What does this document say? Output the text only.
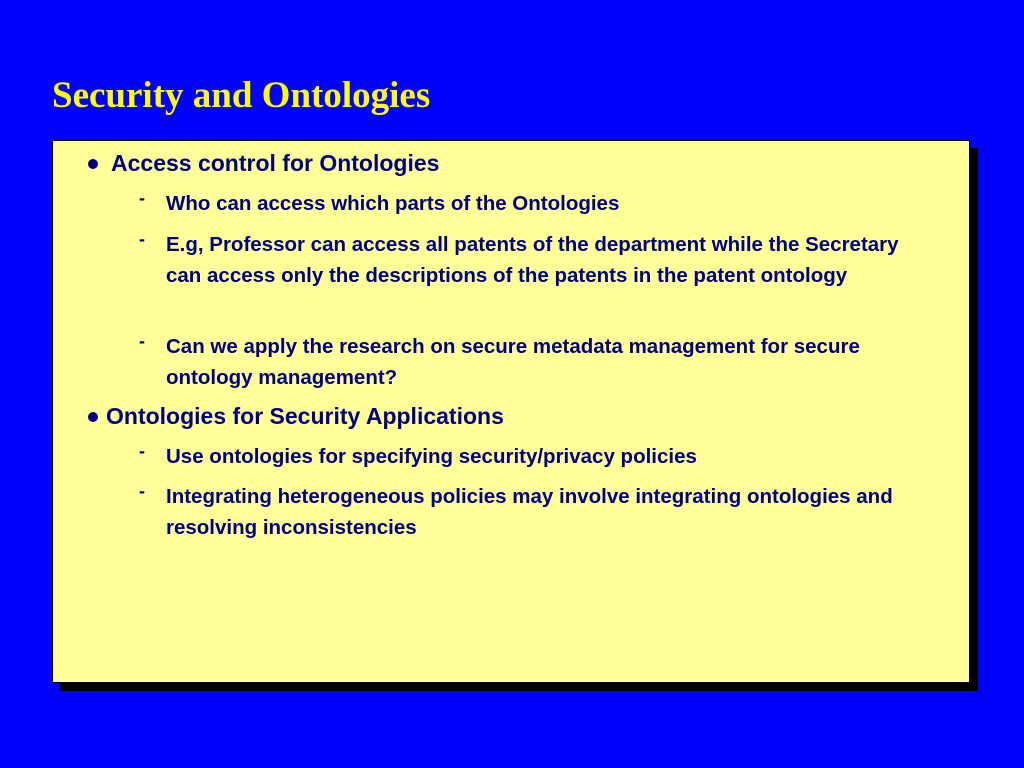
Security and Ontologies
Access control for Ontologies
-	Who can access which parts of the Ontologies
-	E.g, Professor can access all patents of the department while the Secretary can access only the descriptions of the patents in the patent ontology
-	Can we apply the research on secure metadata management for secure ontology management?
Ontologies for Security Applications
-	Use ontologies for specifying security/privacy policies
-	Integrating heterogeneous policies may involve integrating ontologies and resolving inconsistencies
